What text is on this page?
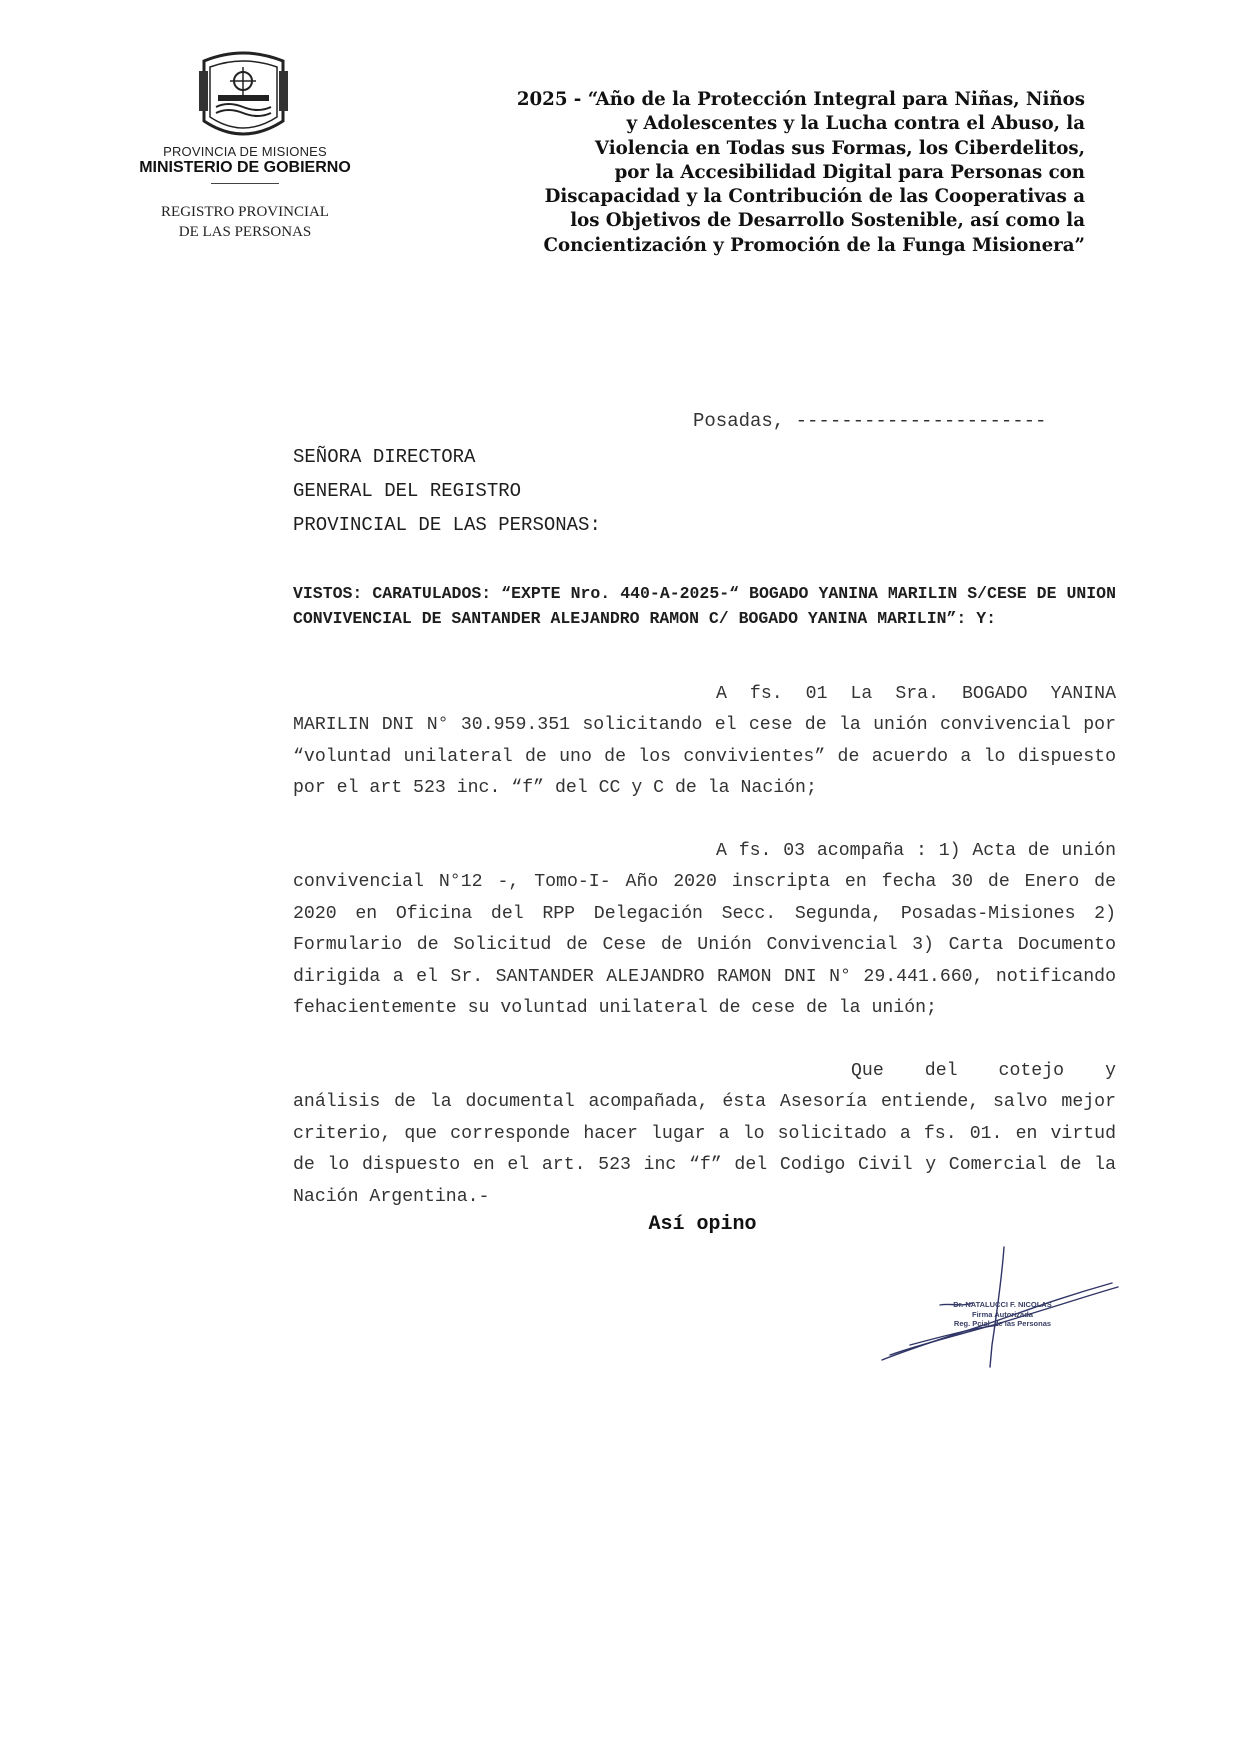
PROVINCIA DE MISIONES
MINISTERIO DE GOBIERNO
REGISTRO PROVINCIAL
DE LAS PERSONAS
2025 - “Año de la Protección Integral para Niñas, Niños
y Adolescentes y la Lucha contra el Abuso, la
Violencia en Todas sus Formas, los Ciberdelitos,
por la Accesibilidad Digital para Personas con
Discapacidad y la Contribución de las Cooperativas a
los Objetivos de Desarrollo Sostenible, así como la
Concientización y Promoción de la Funga Misionera”
Posadas, ----------------------
SEÑORA DIRECTORA
GENERAL DEL REGISTRO
PROVINCIAL DE LAS PERSONAS:
VISTOS: CARATULADOS: “EXPTE Nro. 440-A-2025-“ BOGADO YANINA MARILIN S/CESE DE UNION CONVIVENCIAL DE SANTANDER ALEJANDRO RAMON C/ BOGADO YANINA MARILIN”: Y:
A fs. 01 La Sra. BOGADO YANINA MARILIN DNI N° 30.959.351 solicitando el cese de la unión convivencial por “voluntad unilateral de uno de los convivientes” de acuerdo a lo dispuesto por el art 523 inc. “f” del CC y C de la Nación;
A fs. 03 acompaña : 1) Acta de unión convivencial N°12 -, Tomo-I- Año 2020 inscripta en fecha 30 de Enero de 2020 en Oficina del RPP Delegación Secc. Segunda, Posadas-Misiones 2) Formulario de Solicitud de Cese de Unión Convivencial 3) Carta Documento dirigida a el Sr. SANTANDER ALEJANDRO RAMON DNI N° 29.441.660, notificando fehacientemente su voluntad unilateral de cese de la unión;
Que del cotejo y análisis de la documental acompañada, ésta Asesoría entiende, salvo mejor criterio, que corresponde hacer lugar a lo solicitado a fs. 01. en virtud de lo dispuesto en el art. 523 inc “f” del Codigo Civil y Comercial de la Nación Argentina.-
Así opino
Dr. NATALUCCI F. NICOLAS
Firma Autorizada
Reg. Pcial. de las Personas
